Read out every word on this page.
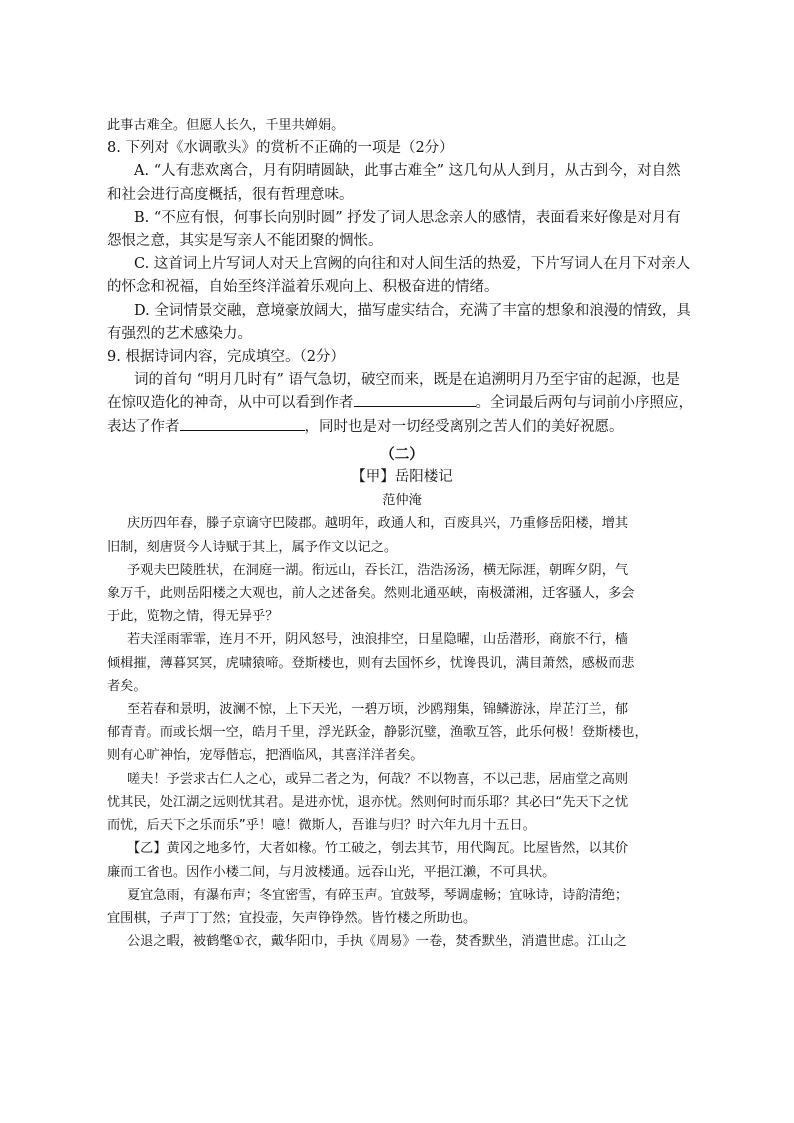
此事古难全。但愿人长久，千里共婵娟。
8. 下列对《水调歌头》的赏析不正确的一项是（2分）
A. “人有悲欢离合，月有阴晴圆缺，此事古难全” 这几句从人到月，从古到今，对自然
和社会进行高度概括，很有哲理意味。
B. “不应有恨，何事长向别时圆” 抒发了词人思念亲人的感情，表面看来好像是对月有
怨恨之意，其实是写亲人不能团聚的惆怅。
C. 这首词上片写词人对天上宫阙的向往和对人间生活的热爱，下片写词人在月下对亲人
的怀念和祝福，自始至终洋溢着乐观向上、积极奋进的情绪。
D. 全词情景交融，意境豪放阔大，描写虚实结合，充满了丰富的想象和浪漫的情致，具
有强烈的艺术感染力。
9. 根据诗词内容，完成填空。（2分）
词的首句 “明月几时有” 语气急切，破空而来，既是在追溯明月乃至宇宙的起源，也是
在惊叹造化的神奇，从中可以看到作者	。全词最后两句与词前小序照应，
表达了作者	，同时也是对一切经受离别之苦人们的美好祝愿。
（二）
【甲】岳阳楼记
范仲淹
庆历四年春，滕子京谪守巴陵郡。越明年，政通人和，百废具兴，乃重修岳阳楼，增其
旧制，刻唐贤今人诗赋于其上，属予作文以记之。
予观夫巴陵胜状，在洞庭一湖。衔远山，吞长江，浩浩汤汤，横无际涯，朝晖夕阴，气
象万千，此则岳阳楼之大观也，前人之述备矣。然则北通巫峡，南极潇湘，迁客骚人，多会
于此，览物之情，得无异乎？
若夫淫雨霏霏，连月不开，阴风怒号，浊浪排空，日星隐曜，山岳潜形，商旅不行，樯
倾楫摧，薄暮冥冥，虎啸猿啼。登斯楼也，则有去国怀乡，忧谗畏讥，满目萧然，感极而悲
者矣。
至若春和景明，波澜不惊，上下天光，一碧万顷，沙鸥翔集，锦鳞游泳，岸芷汀兰，郁
郁青青。而或长烟一空，皓月千里，浮光跃金，静影沉璧，渔歌互答，此乐何极！登斯楼也，
则有心旷神怡，宠辱偕忘，把酒临风，其喜洋洋者矣。
嗟夫！予尝求古仁人之心，或异二者之为，何哉？不以物喜，不以己悲，居庙堂之高则
忧其民，处江湖之远则忧其君。是进亦忧，退亦忧。然则何时而乐耶？其必曰“先天下之忧
而忧，后天下之乐而乐”乎！噫！微斯人，吾谁与归？时六年九月十五日。
【乙】黄冈之地多竹，大者如椽。竹工破之，刳去其节，用代陶瓦。比屋皆然，以其价
廉而工省也。因作小楼二间，与月波楼通。远吞山光，平挹江濑，不可具状。
夏宜急雨，有瀑布声；冬宜密雪，有碎玉声。宜鼓琴，琴调虚畅；宜咏诗，诗韵清绝；
宜围棋，子声丁丁然；宜投壶，矢声铮铮然。皆竹楼之所助也。
公退之暇，被鹤氅①衣，戴华阳巾，手执《周易》一卷，焚香默坐，消遣世虑。江山之
